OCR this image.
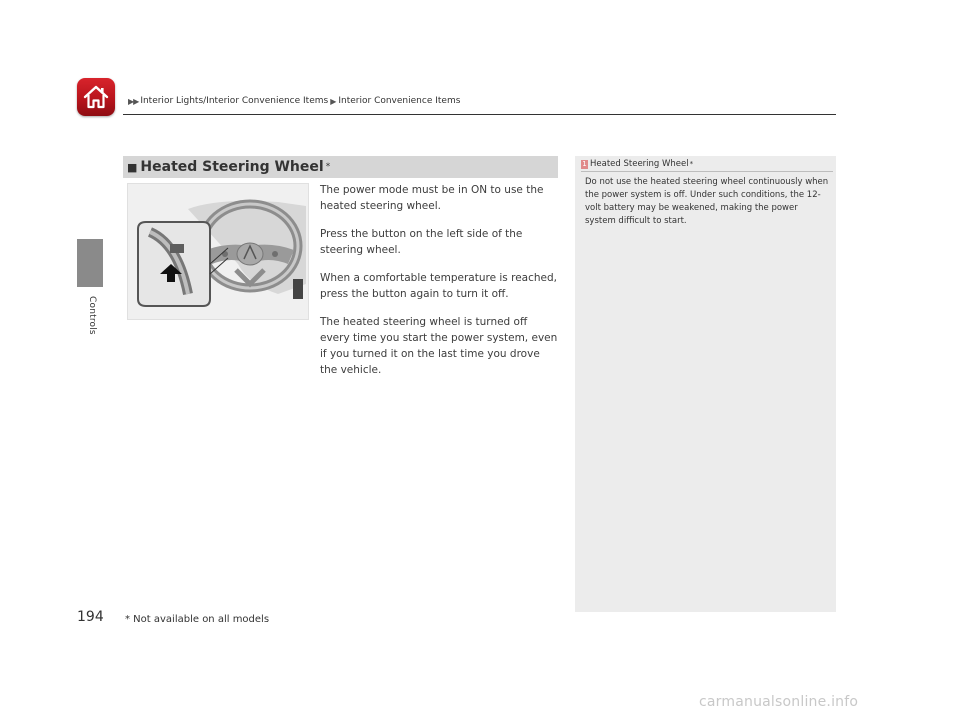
▶▶ Interior Lights/Interior Convenience Items ▶ Interior Convenience Items
Controls
■ Heated Steering Wheel *

The power mode must be in ON to use the heated steering wheel.

Press the button on the left side of the steering wheel.

When a comfortable temperature is reached, press the button again to turn it off.

The heated steering wheel is turned off every time you start the power system, even if you turned it on the last time you drove the vehicle.

1 Heated Steering Wheel *
Do not use the heated steering wheel continuously when the power system is off. Under such conditions, the 12-volt battery may be weakened, making the power system difficult to start.
194 * Not available on all models
carmanualsonline.info
